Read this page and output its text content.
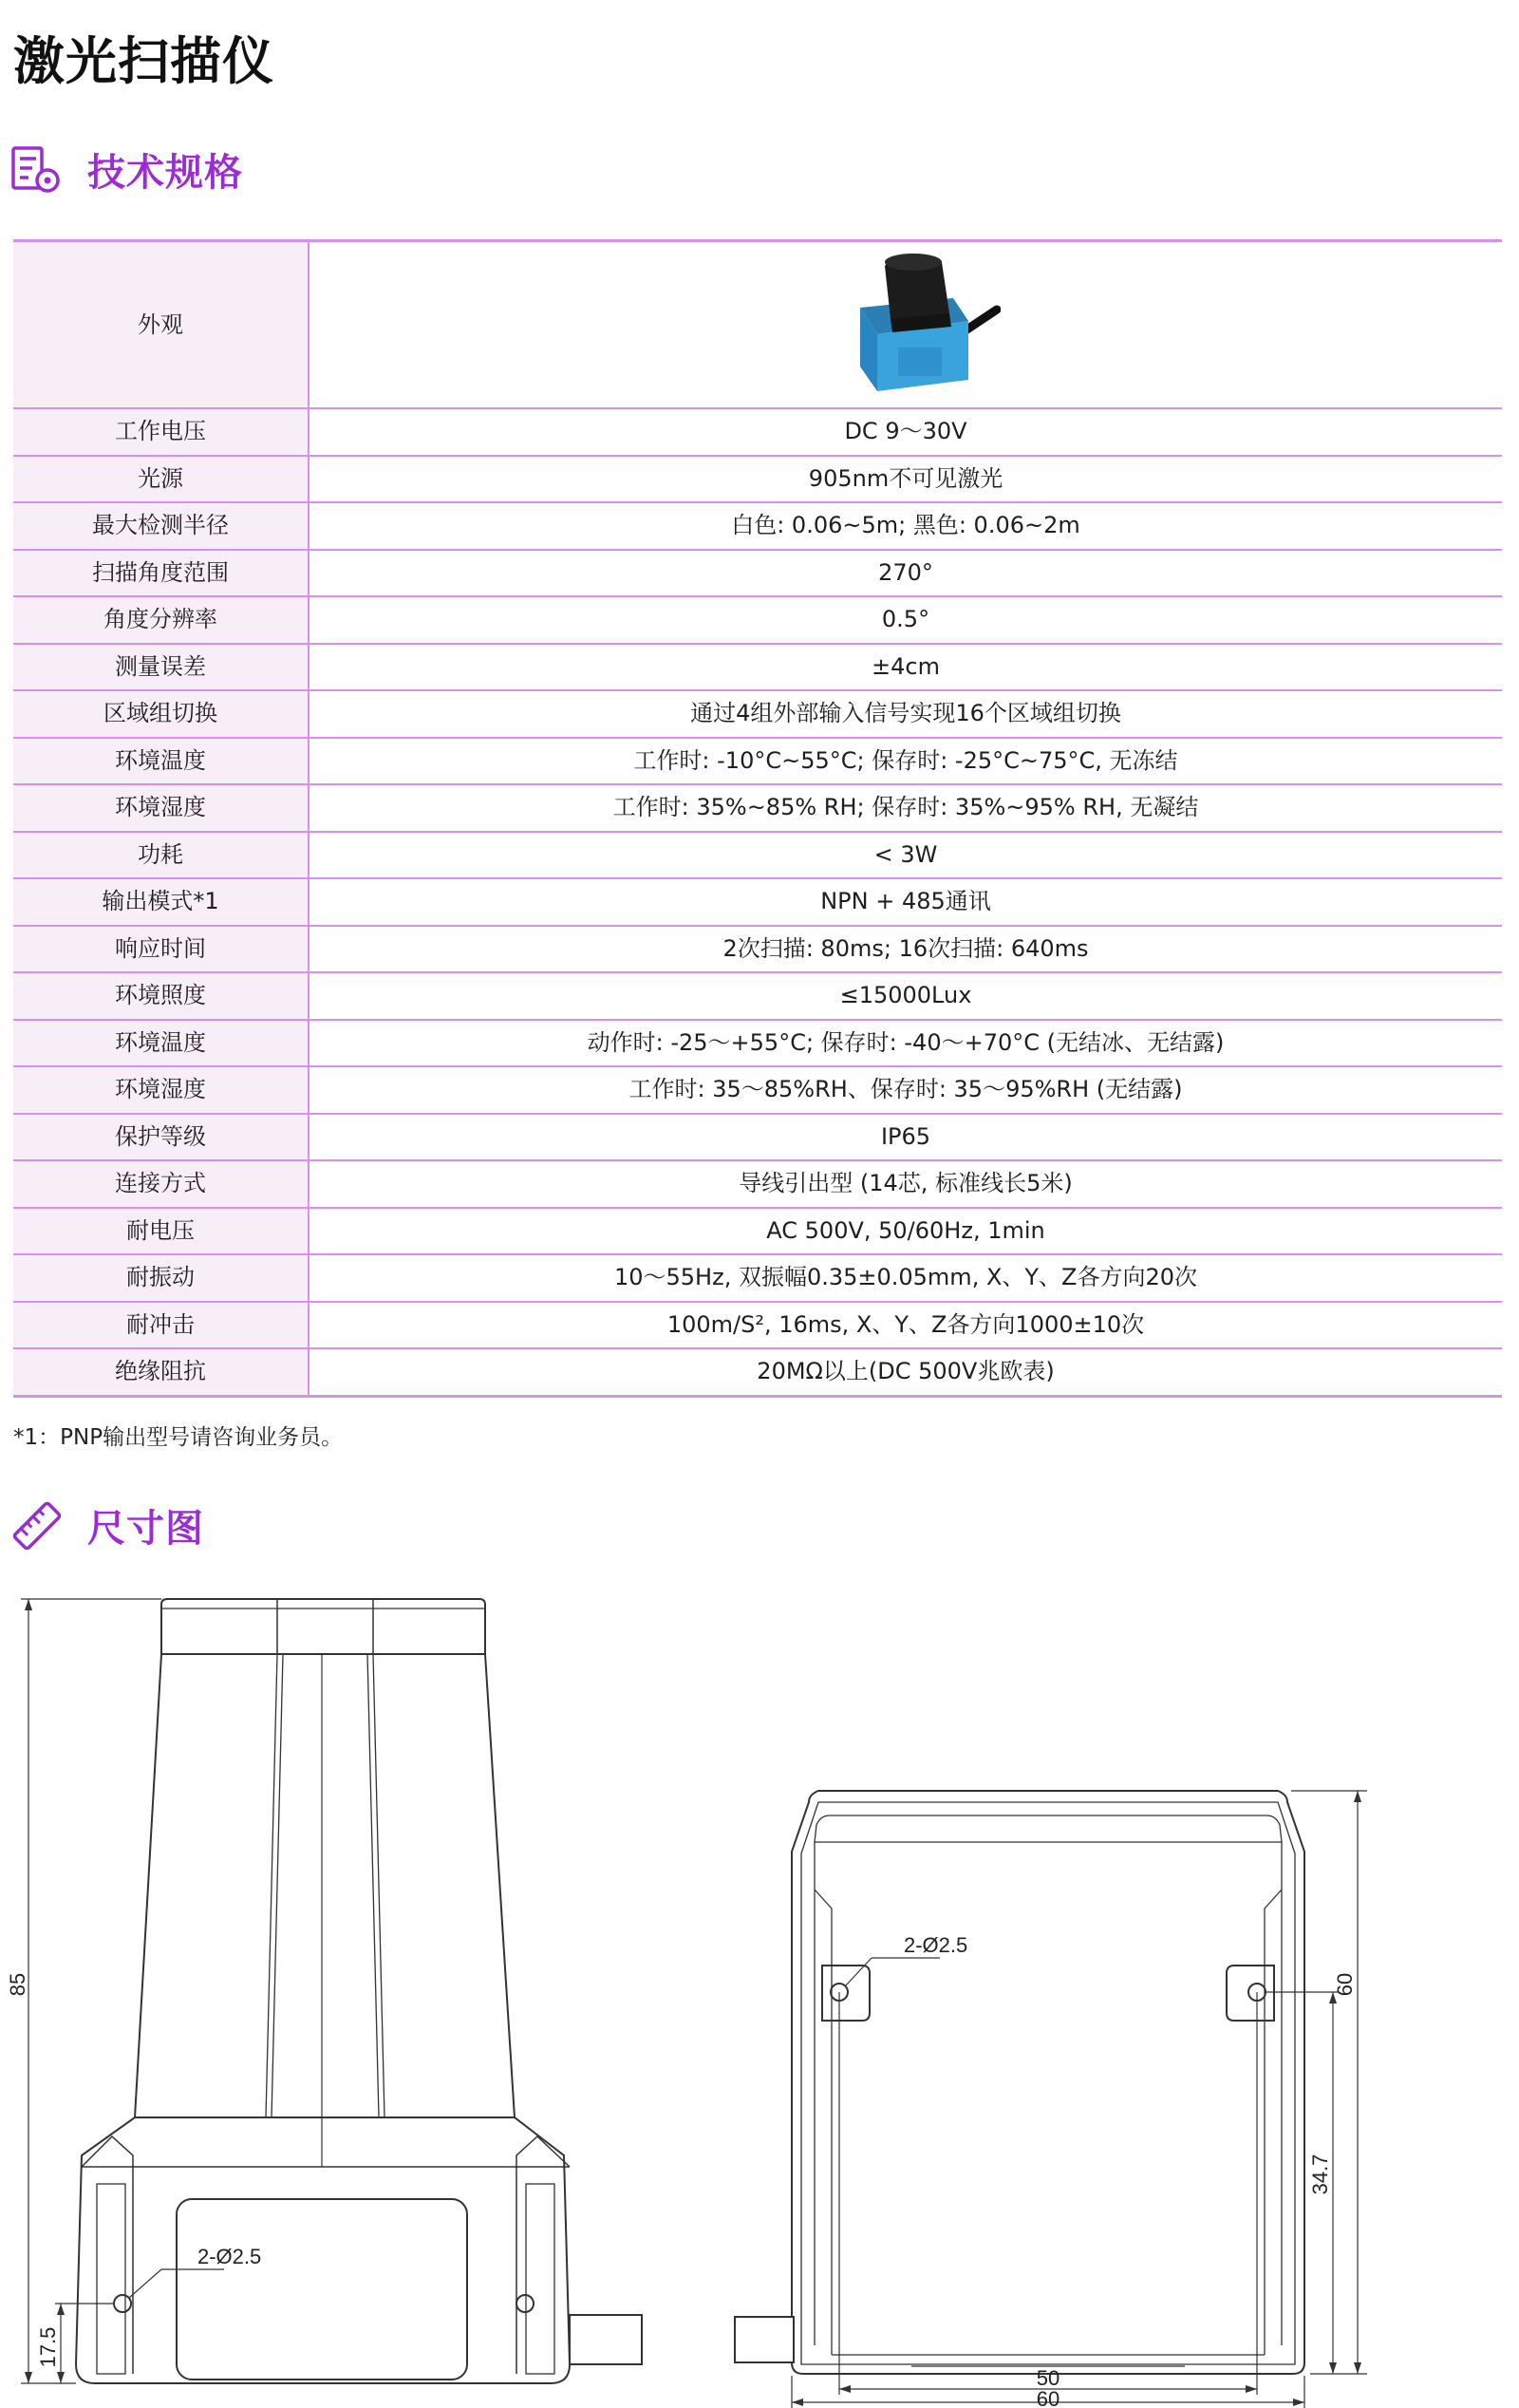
激光扫描仪
技术规格
外观	

工作电压	DC 9～30V
光源	905nm不可见激光
最大检测半径	白色: 0.06~5m; 黑色: 0.06~2m
扫描角度范围	270°
角度分辨率	0.5°
测量误差	±4cm
区域组切换	通过4组外部输入信号实现16个区域组切换
环境温度	工作时: -10°C~55°C; 保存时: -25°C~75°C, 无冻结
环境湿度	工作时: 35%~85% RH; 保存时: 35%~95% RH, 无凝结
功耗	< 3W
输出模式*1	NPN + 485通讯
响应时间	2次扫描: 80ms; 16次扫描: 640ms
环境照度	≤15000Lux
环境温度	动作时: -25～+55°C; 保存时: -40～+70°C (无结冰、无结露)
环境湿度	工作时: 35～85%RH、保存时: 35～95%RH (无结露)
保护等级	IP65
连接方式	导线引出型 (14芯, 标准线长5米)
耐电压	AC 500V, 50/60Hz, 1min
耐振动	10～55Hz, 双振幅0.35±0.05mm, X、Y、Z各方向20次
耐冲击	100m/S², 16ms, X、Y、Z各方向1000±10次
绝缘阻抗	20MΩ以上(DC 500V兆欧表)

*1：PNP输出型号请咨询业务员。

尺寸图
85
17.5
2-Ø2.5
60
34.7
2-Ø2.5
50
60
